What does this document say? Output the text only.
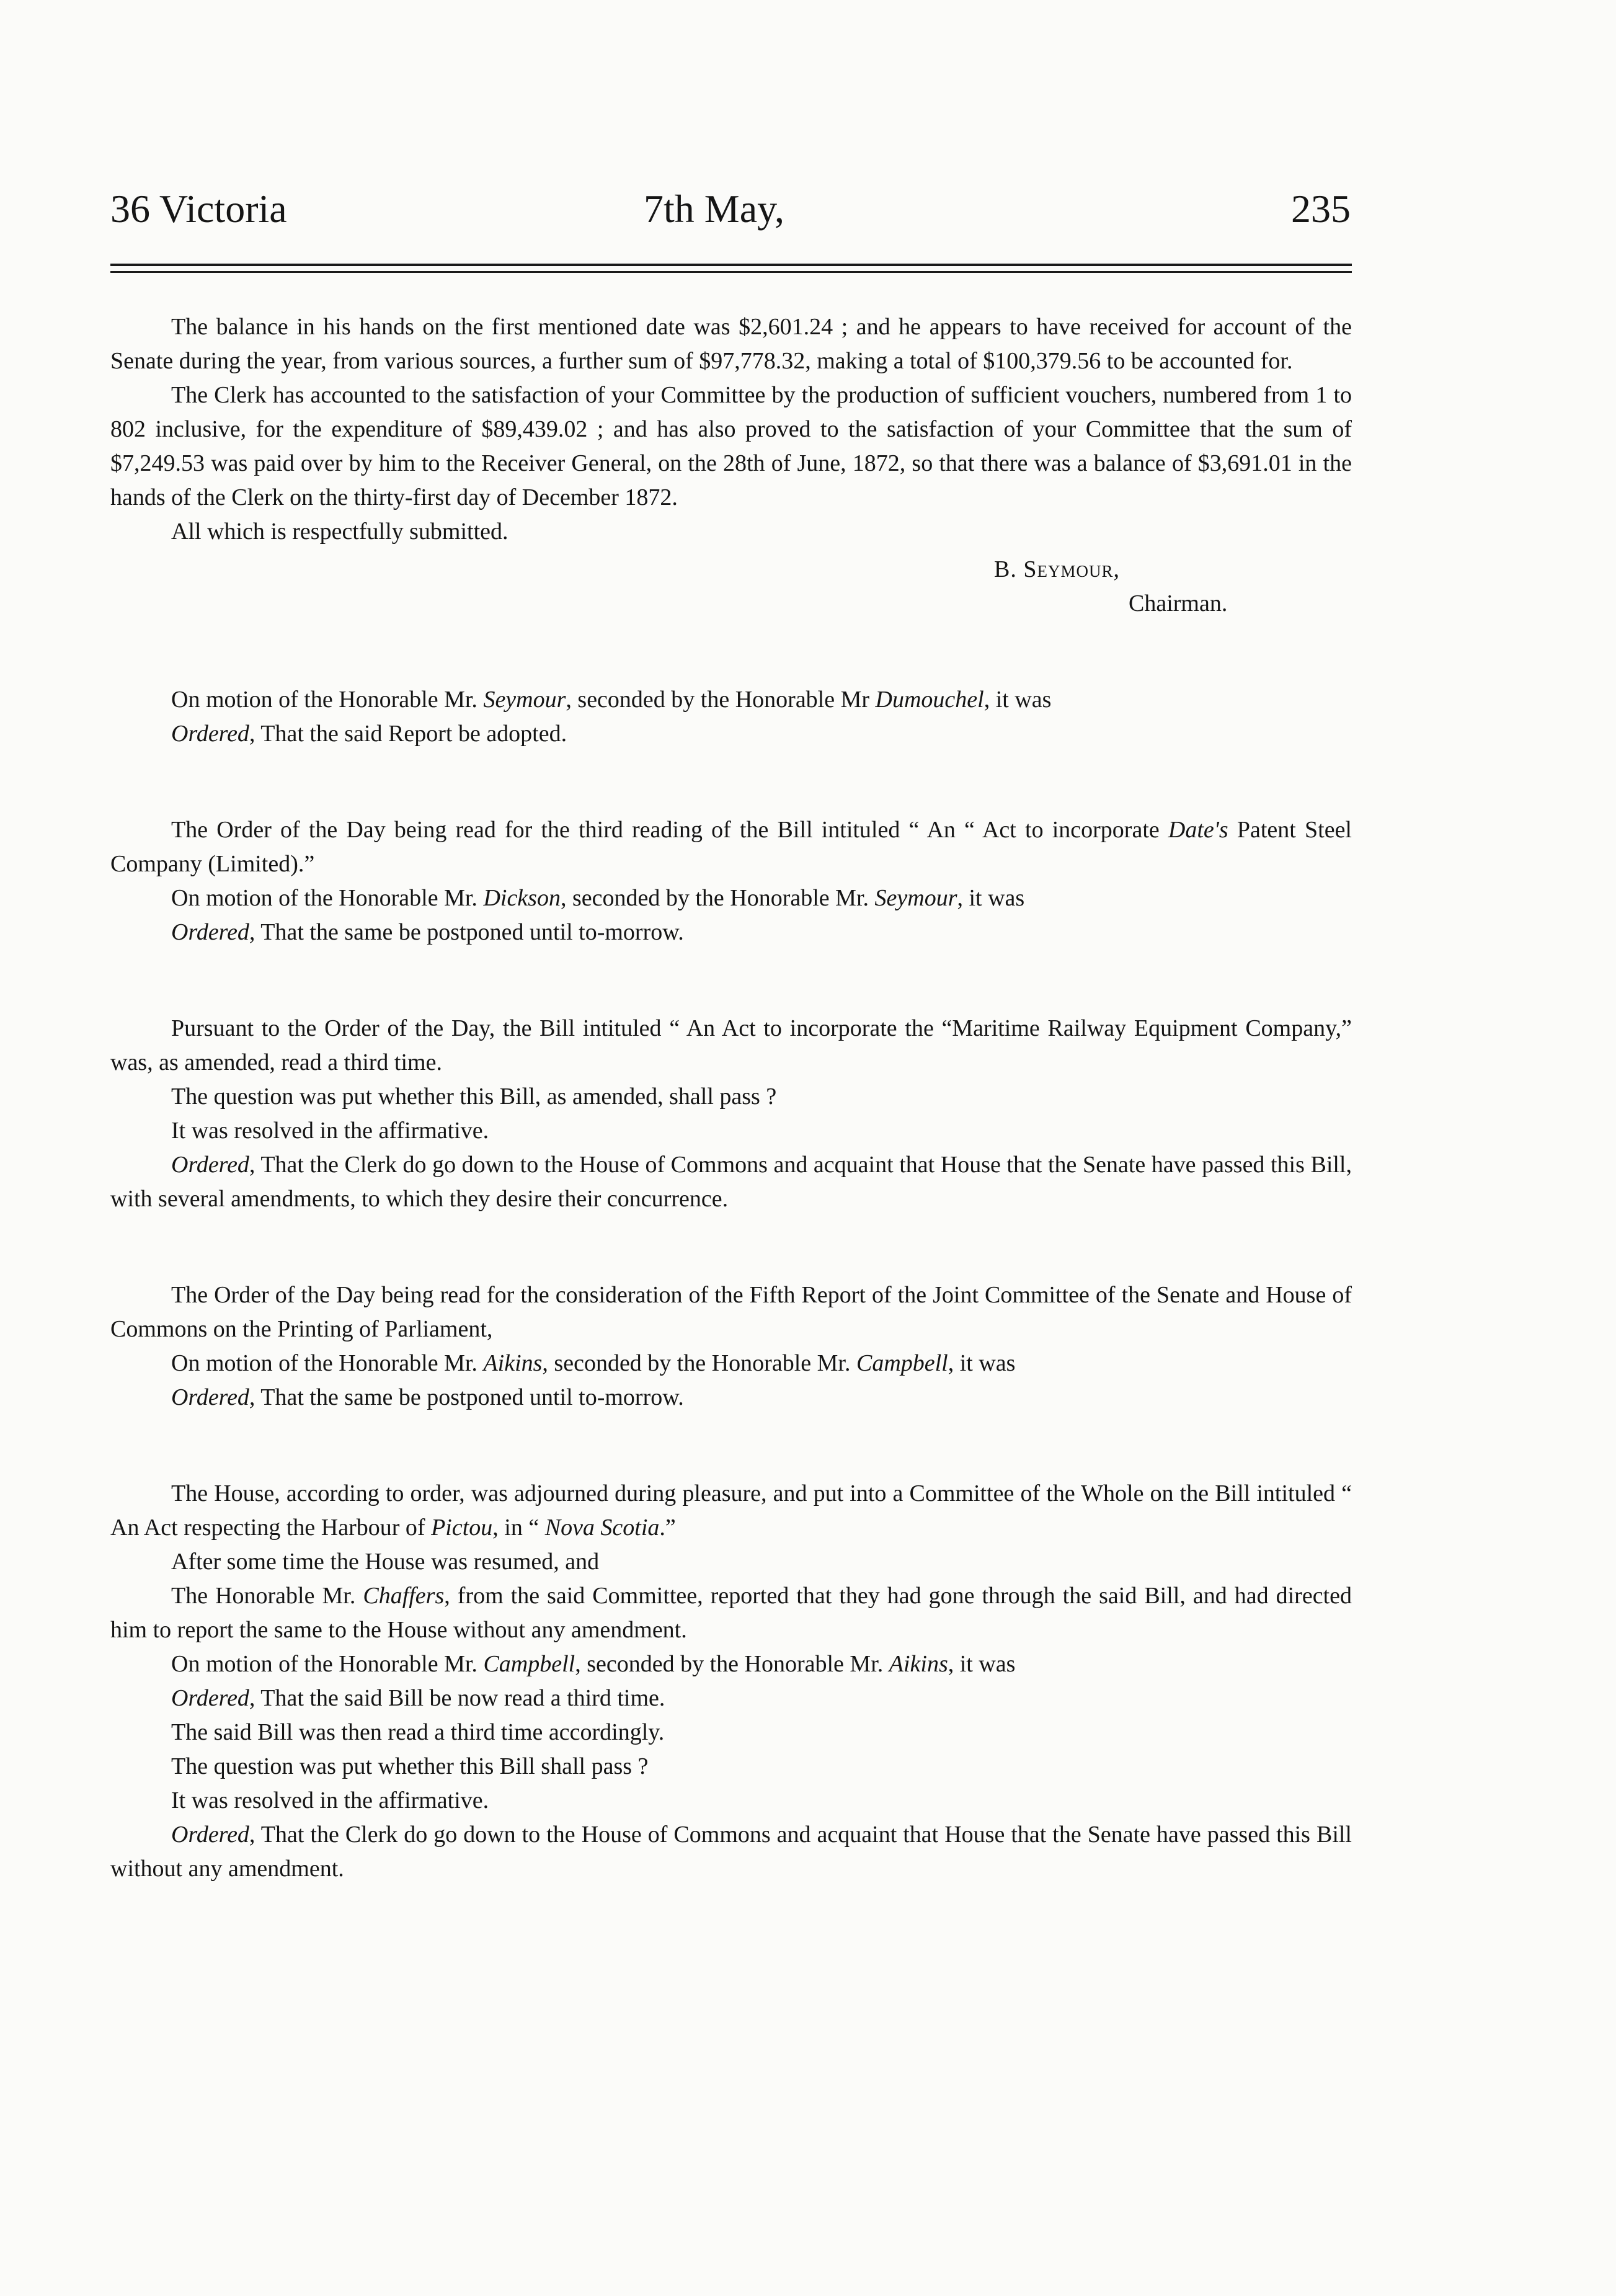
36 Victoria	7th May,	235

The balance in his hands on the first mentioned date was $2,601.24 ; and he appears to have received for account of the Senate during the year, from various sources, a further sum of $97,778.32, making a total of $100,379.56 to be accounted for.

The Clerk has accounted to the satisfaction of your Committee by the production of sufficient vouchers, numbered from 1 to 802 inclusive, for the expenditure of $89,439.02 ; and has also proved to the satisfaction of your Committee that the sum of $7,249.53 was paid over by him to the Receiver General, on the 28th of June, 1872, so that there was a balance of $3,691.01 in the hands of the Clerk on the thirty-first day of December 1872.

All which is respectfully submitted.

B. Seymour,

Chairman.

On motion of the Honorable Mr. Seymour, seconded by the Honorable Mr Dumouchel, it was

Ordered, That the said Report be adopted.

The Order of the Day being read for the third reading of the Bill intituled “ An “ Act to incorporate Date's Patent Steel Company (Limited).”

On motion of the Honorable Mr. Dickson, seconded by the Honorable Mr. Seymour, it was

Ordered, That the same be postponed until to-morrow.

Pursuant to the Order of the Day, the Bill intituled “ An Act to incorporate the “Maritime Railway Equipment Company,” was, as amended, read a third time.

The question was put whether this Bill, as amended, shall pass ?

It was resolved in the affirmative.

Ordered, That the Clerk do go down to the House of Commons and acquaint that House that the Senate have passed this Bill, with several amendments, to which they desire their concurrence.

The Order of the Day being read for the consideration of the Fifth Report of the Joint Committee of the Senate and House of Commons on the Printing of Parliament,

On motion of the Honorable Mr. Aikins, seconded by the Honorable Mr. Campbell, it was

Ordered, That the same be postponed until to-morrow.

The House, according to order, was adjourned during pleasure, and put into a Committee of the Whole on the Bill intituled “ An Act respecting the Harbour of Pictou, in “ Nova Scotia.”

After some time the House was resumed, and

The Honorable Mr. Chaffers, from the said Committee, reported that they had gone through the said Bill, and had directed him to report the same to the House without any amendment.

On motion of the Honorable Mr. Campbell, seconded by the Honorable Mr. Aikins, it was

Ordered, That the said Bill be now read a third time.

The said Bill was then read a third time accordingly.

The question was put whether this Bill shall pass ?

It was resolved in the affirmative.

Ordered, That the Clerk do go down to the House of Commons and acquaint that House that the Senate have passed this Bill without any amendment.
